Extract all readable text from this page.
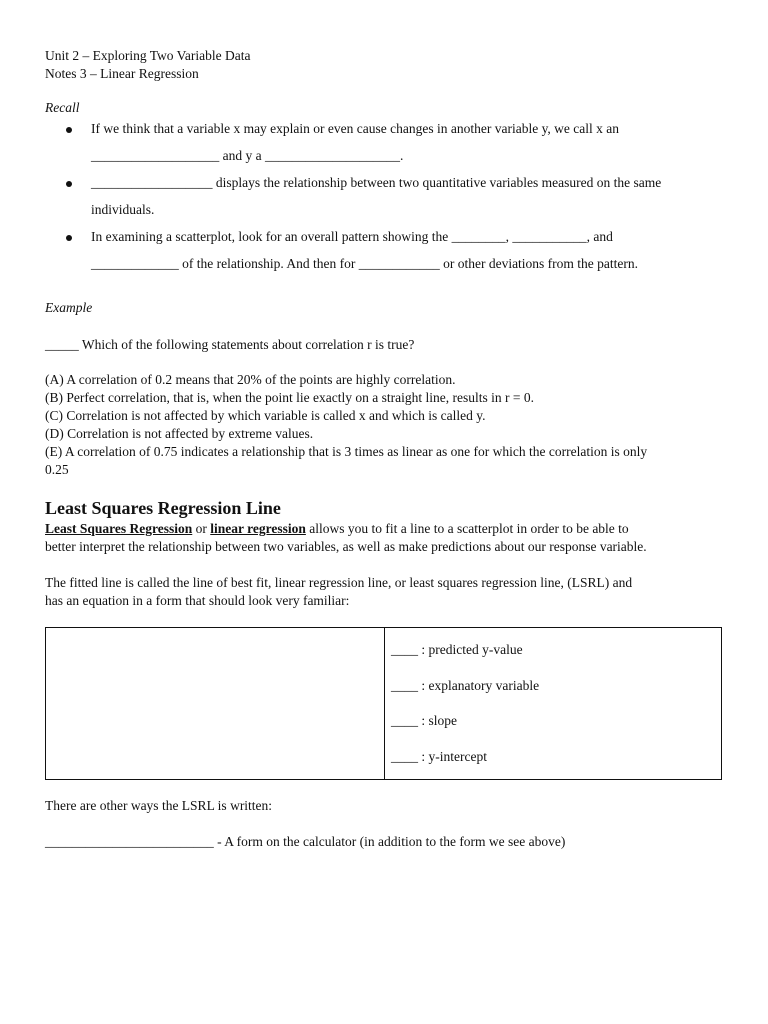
Unit 2 – Exploring Two Variable Data
Notes 3 – Linear Regression
Recall
If we think that a variable x may explain or even cause changes in another variable y, we call x an
___________________ and y a ____________________.
__________________ displays the relationship between two quantitative variables measured on the same
individuals.
In examining a scatterplot, look for an overall pattern showing the ________, ___________, and
_____________ of the relationship. And then for ____________ or other deviations from the pattern.
Example
_____ Which of the following statements about correlation r is true?
(A) A correlation of 0.2 means that 20% of the points are highly correlation.
(B) Perfect correlation, that is, when the point lie exactly on a straight line, results in r = 0.
(C) Correlation is not affected by which variable is called x and which is called y.
(D) Correlation is not affected by extreme values.
(E) A correlation of 0.75 indicates a relationship that is 3 times as linear as one for which the correlation is only
0.25
Least Squares Regression Line
Least Squares Regression or linear regression allows you to fit a line to a scatterplot in order to be able to
better interpret the relationship between two variables, as well as make predictions about our response variable.
The fitted line is called the line of best fit, linear regression line, or least squares regression line, (LSRL) and
has an equation in a form that should look very familiar:
____ : predicted y-value
____ : explanatory variable
____ : slope
____ : y-intercept
There are other ways the LSRL is written:
_________________________ - A form on the calculator (in addition to the form we see above)
